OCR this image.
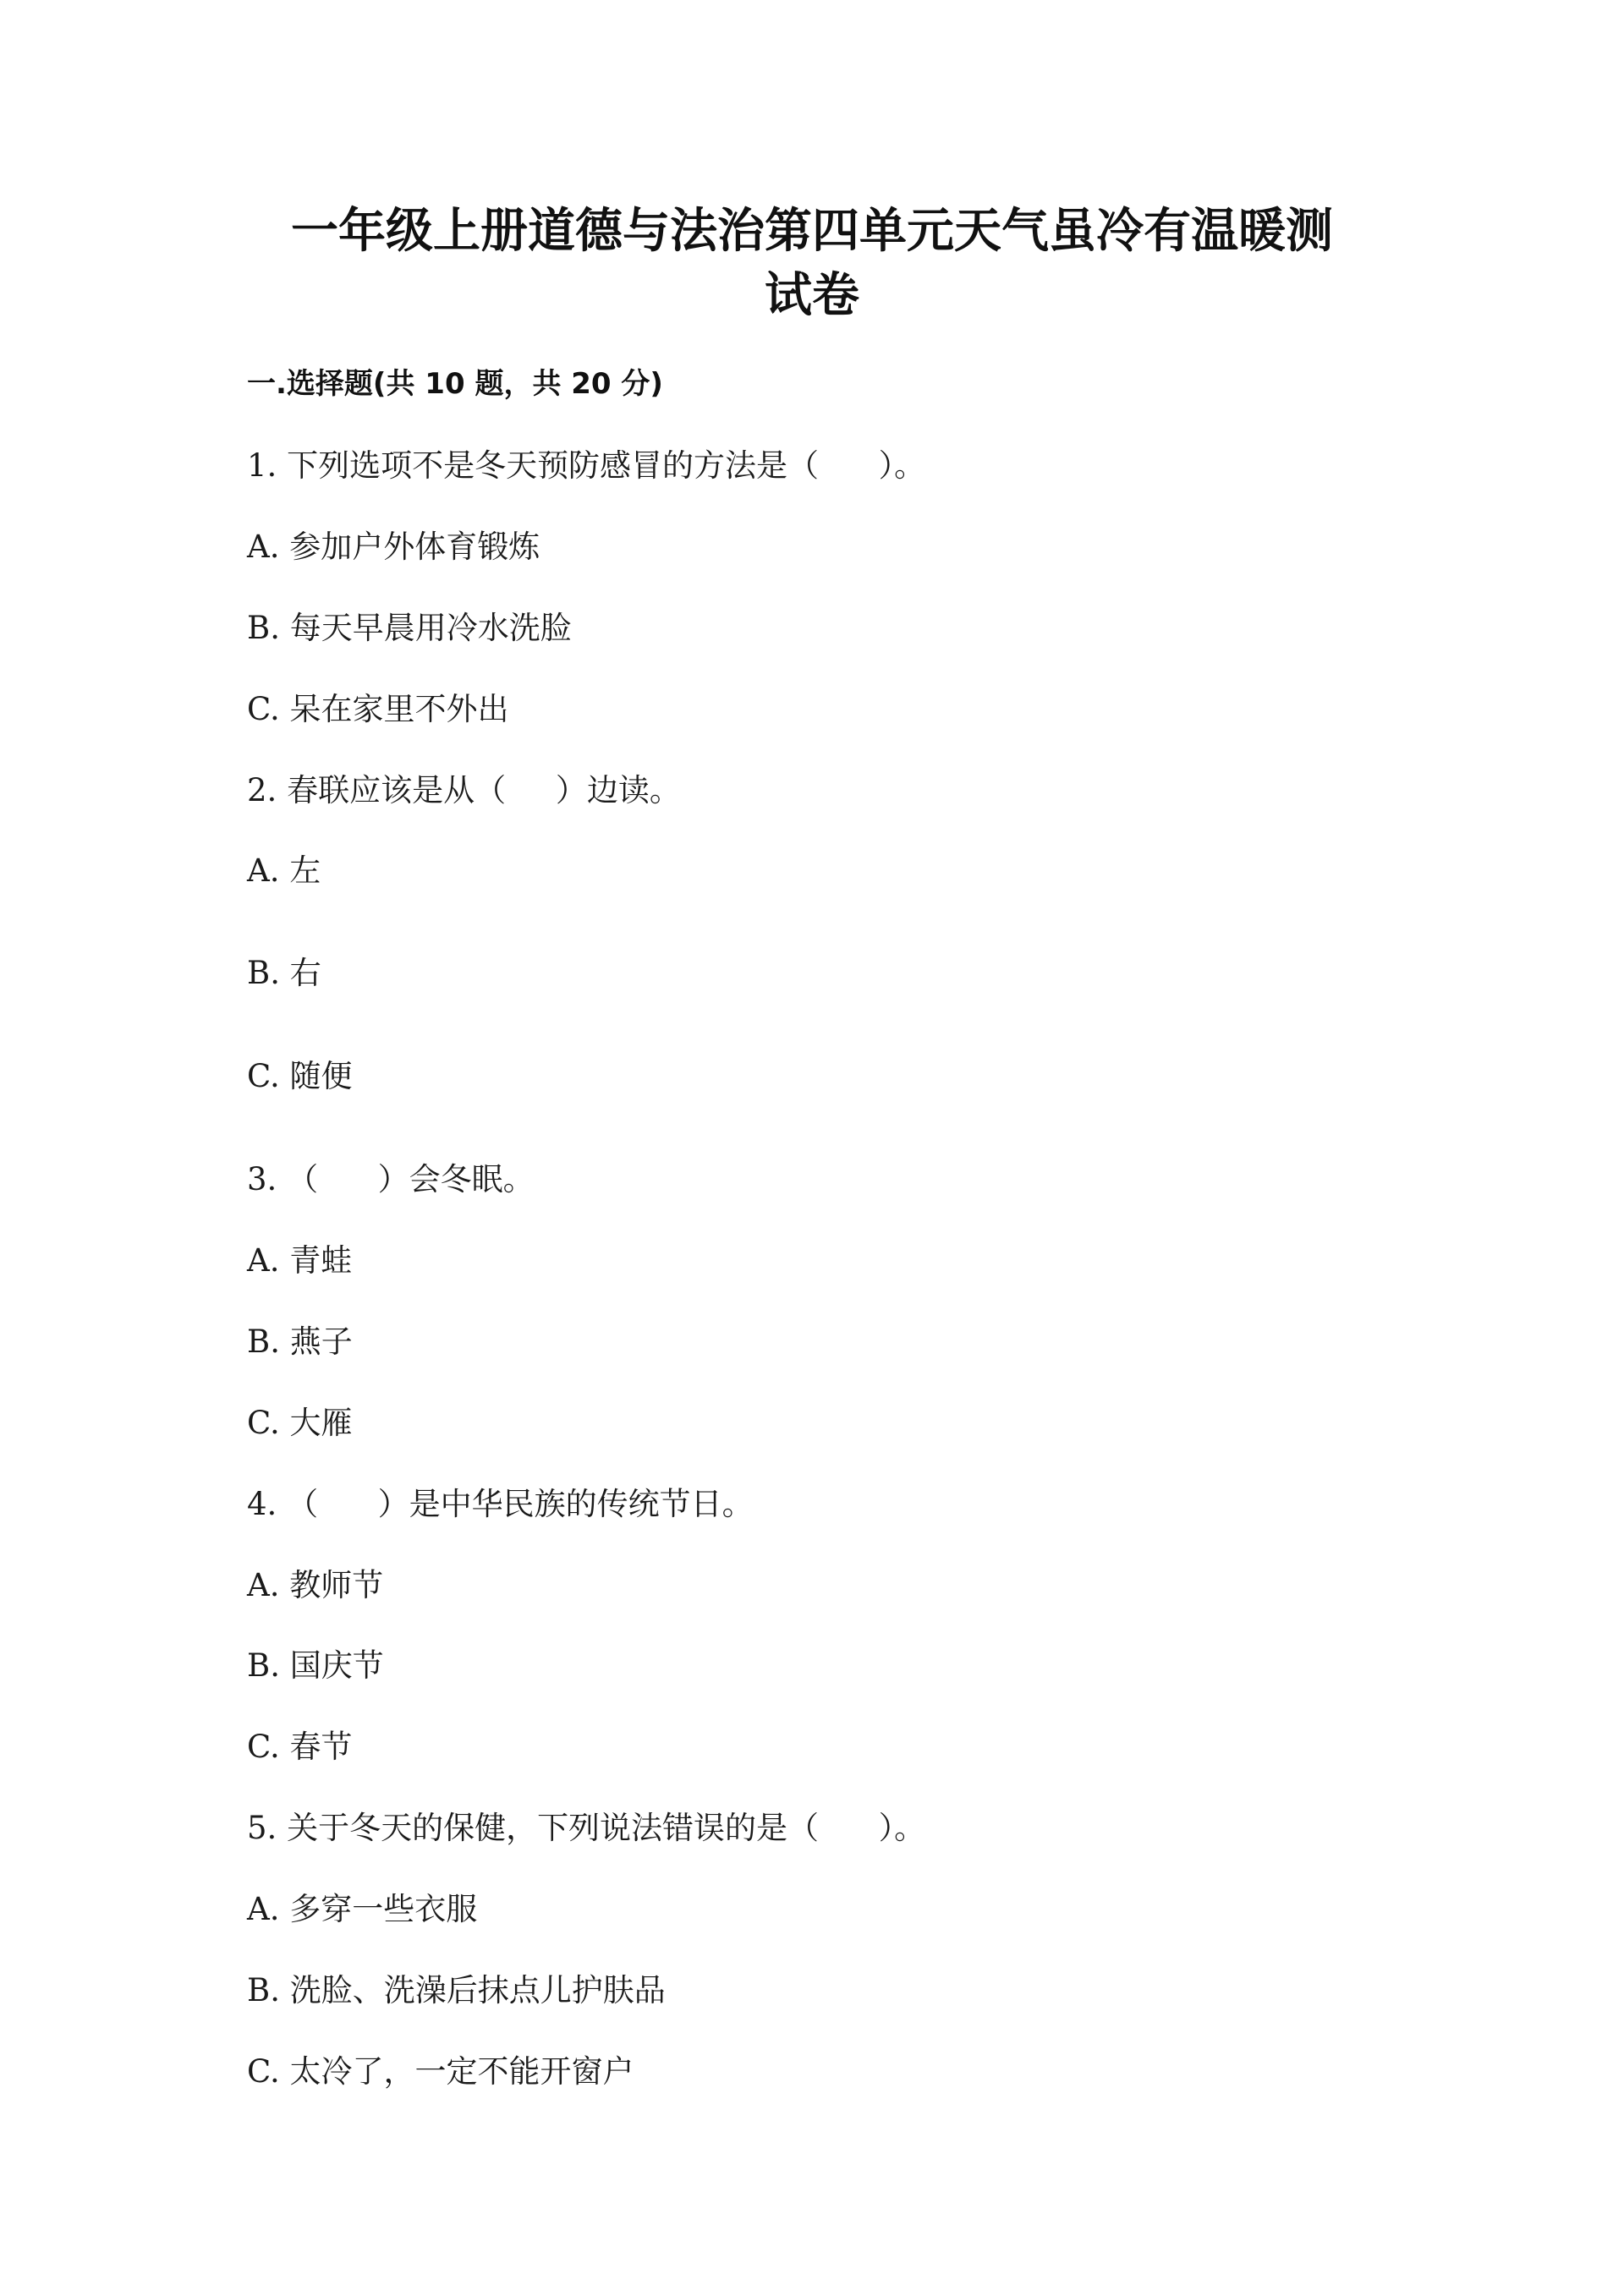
一年级上册道德与法治第四单元天气虽冷有温暖测
试卷
一.选择题(共 10 题，共 20 分)

1. 下列选项不是冬天预防感冒的方法是（      ）。

A. 参加户外体育锻炼

B. 每天早晨用冷水洗脸

C. 呆在家里不外出

2. 春联应该是从（     ）边读。

A. 左

B. 右

C. 随便

3. （      ）会冬眠。

A. 青蛙

B. 燕子

C. 大雁

4. （      ）是中华民族的传统节日。

A. 教师节

B. 国庆节

C. 春节

5. 关于冬天的保健，下列说法错误的是（      ）。

A. 多穿一些衣服

B. 洗脸、洗澡后抹点儿护肤品

C. 太冷了，一定不能开窗户
